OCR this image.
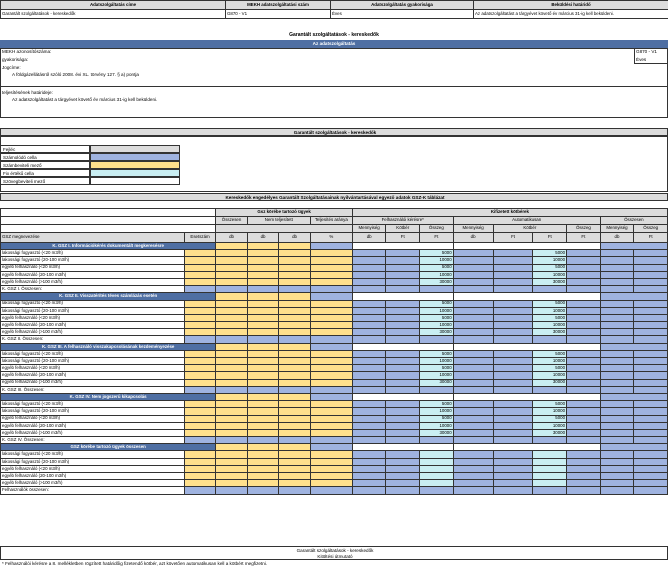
Adatszolgáltatás címe	MEKH adatszolgáltatási szám	Adatszolgáltatás gyakorisága	Beküldési határidő
Garantált szolgáltatások - kereskedők	G870 - V1	Éves	Az adatszolgáltatást a tárgyévet követő év március 31-ig kell beküldeni.
Garantált szolgáltatások - kereskedők
Az adatszolgáltatás
MEKH azonosítószáma:	G870 - V1
gyakorisága:	Éves
Jogcíme:
A földgázellátásról szóló 2008. évi XL. törvény 127. § a) pontja
teljesítésének határideje:
Az adatszolgáltatást a tárgyévet követő év március 31-ig kell beküldeni.
Garantált szolgáltatások - kereskedők
Fejléc
Számolódó cella
Számbeviteli mező
Fix értékű cella
Szövegbeviteli mező
Kereskedők engedélyes Garantált Szolgáltatásainak nyilvántartásával egyező adatok GSZ-K táblázat
		Gsz körébe tartozó ügyek				Kifizetett kötbérek								
		Összesen	Nem teljesített		Teljesítés aránya	Felhasználói kérésre*			Automatikusan				Összesen	
						Mennyiség	Kötbér	Összeg	Mennyiség	Kötbér		Összeg	Mennyiség	Összeg
GSZ megnevezése	Esetszám	db	db	db	%	db	Ft	Ft	db	Ft	Ft	Ft	db	Ft
K. GSZ I. Információkérés dokumentált megkeresésre														
lakossági fogyasztó (<20 m3/h)								5000			5000			
lakossági fogyasztó (20-100 m3/h)								10000			10000			
egyéb felhasználó (<20 m3/h)								5000			5000			
egyéb felhasználó (20-100 m3/h)								10000			10000			
egyéb felhasználó (>100 m3/h)								30000			30000			
K. GSZ I. Összesen:														
K. GSZ II. Visszatérítés téves számlázás esetén														
lakossági fogyasztó (<20 m3/h)								5000			5000			
lakossági fogyasztó (20-100 m3/h)								10000			10000			
egyéb felhasználó (<20 m3/h)								5000			5000			
egyéb felhasználó (20-100 m3/h)								10000			10000			
egyéb felhasználó (>100 m3/h)								30000			30000			
K. GSZ II. Összesen:														
K. GSZ III. A felhasználó visszakapcsolásának kezdeményezése														
lakossági fogyasztó (<20 m3/h)								5000			5000			
lakossági fogyasztó (20-100 m3/h)								10000			10000			
egyéb felhasználó (<20 m3/h)								5000			5000			
egyéb felhasználó (20-100 m3/h)								10000			10000			
egyéb felhasználó (>100 m3/h)								30000			30000			
K. GSZ III. Összesen:														
K. GSZ IV. Nem jogszerű kikapcsolás														
lakossági fogyasztó (<20 m3/h)								5000			5000			
lakossági fogyasztó (20-100 m3/h)								10000			10000			
egyéb felhasználó (<20 m3/h)								5000			5000			
egyéb felhasználó (20-100 m3/h)								10000			10000			
egyéb felhasználó (>100 m3/h)								30000			30000			
K. GSZ IV. Összesen:														
GSZ körébe tartozó ügyek összesen														
lakossági fogyasztó (<20 m3/h)														
lakossági fogyasztó (20-100 m3/h)														
egyéb felhasználó (<20 m3/h)														
egyéb felhasználó (20-100 m3/h)														
egyéb felhasználó (>100 m3/h)														
Felhasználók összesen:														
Garantált szolgáltatások - kereskedők
Kitöltési útmutató
* Felhasználói kérésre a 8. mellékletben rögzített határidőig fizetendő kötbér, azt követően automatikusan kell a kötbért megfizetni.
